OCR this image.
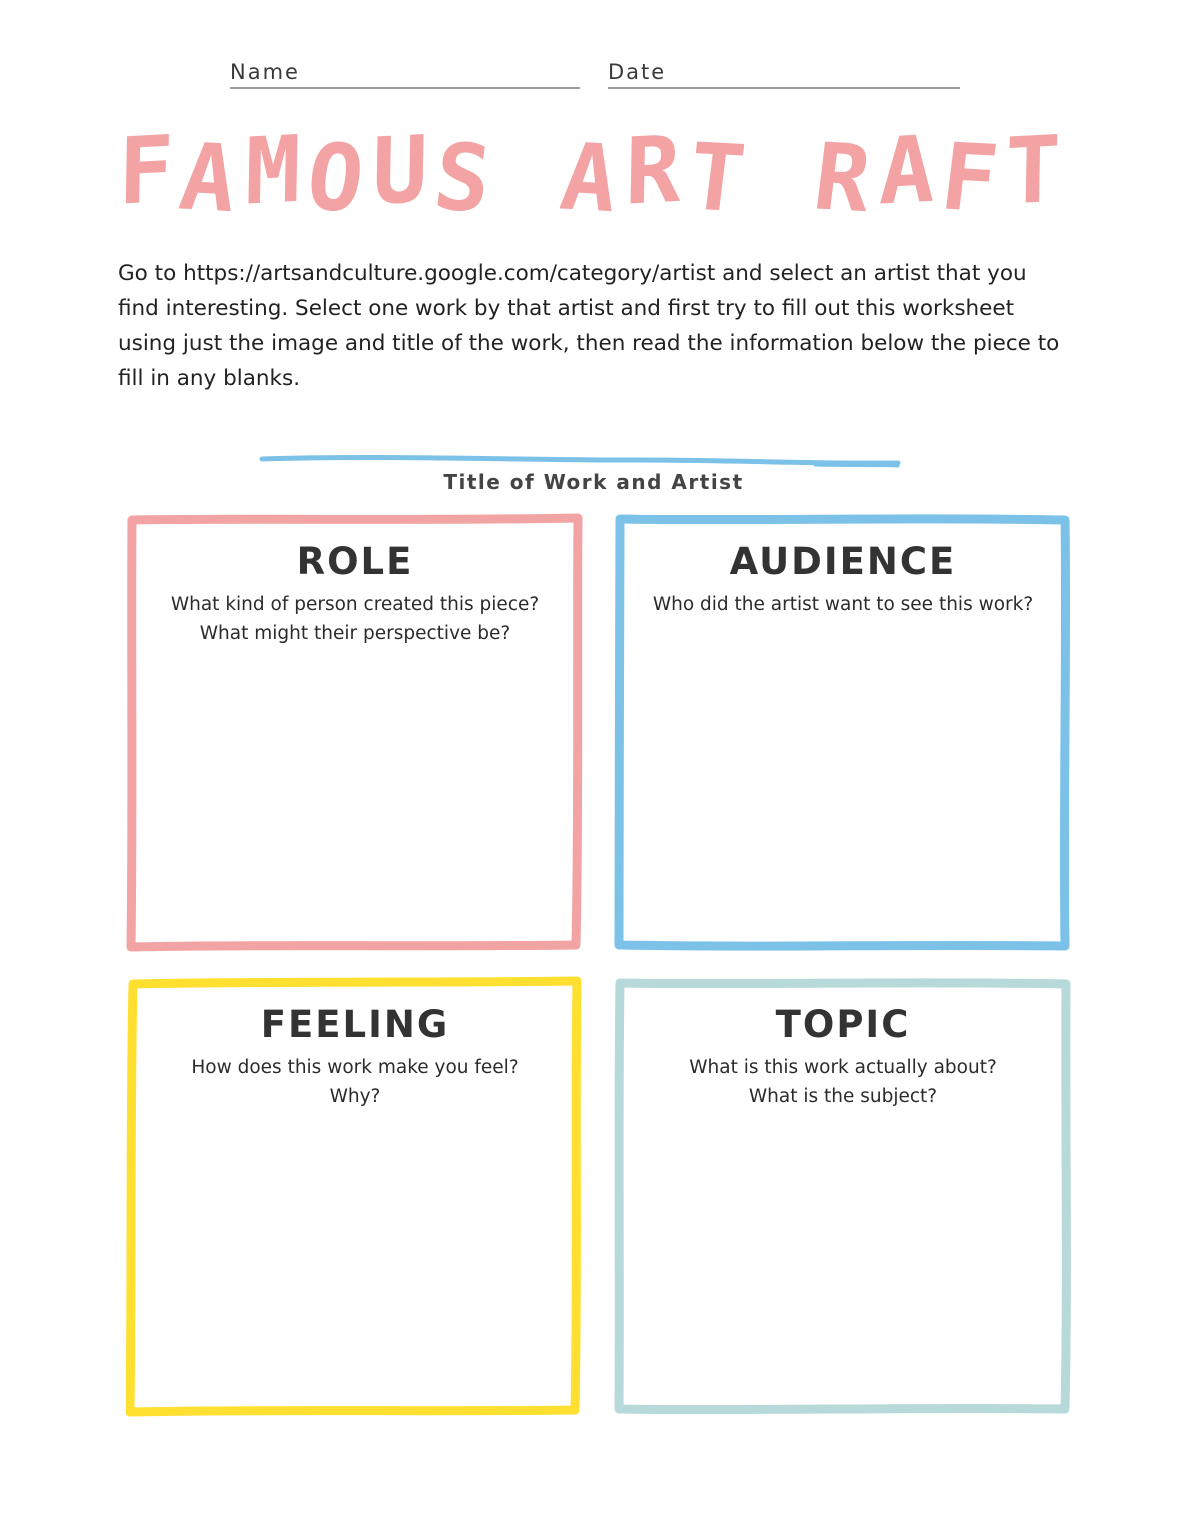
Name	Date
FAMOUS ART RAFT
Go to https://artsandculture.google.com/category/artist and select an artist that you find interesting. Select one work by that artist and first try to fill out this worksheet using just the image and title of the work, then read the information below the piece to fill in any blanks.
Title of Work and Artist
ROLE
What kind of person created this piece?
What might their perspective be?
AUDIENCE
Who did the artist want to see this work?
FEELING
How does this work make you feel?
Why?
TOPIC
What is this work actually about?
What is the subject?
